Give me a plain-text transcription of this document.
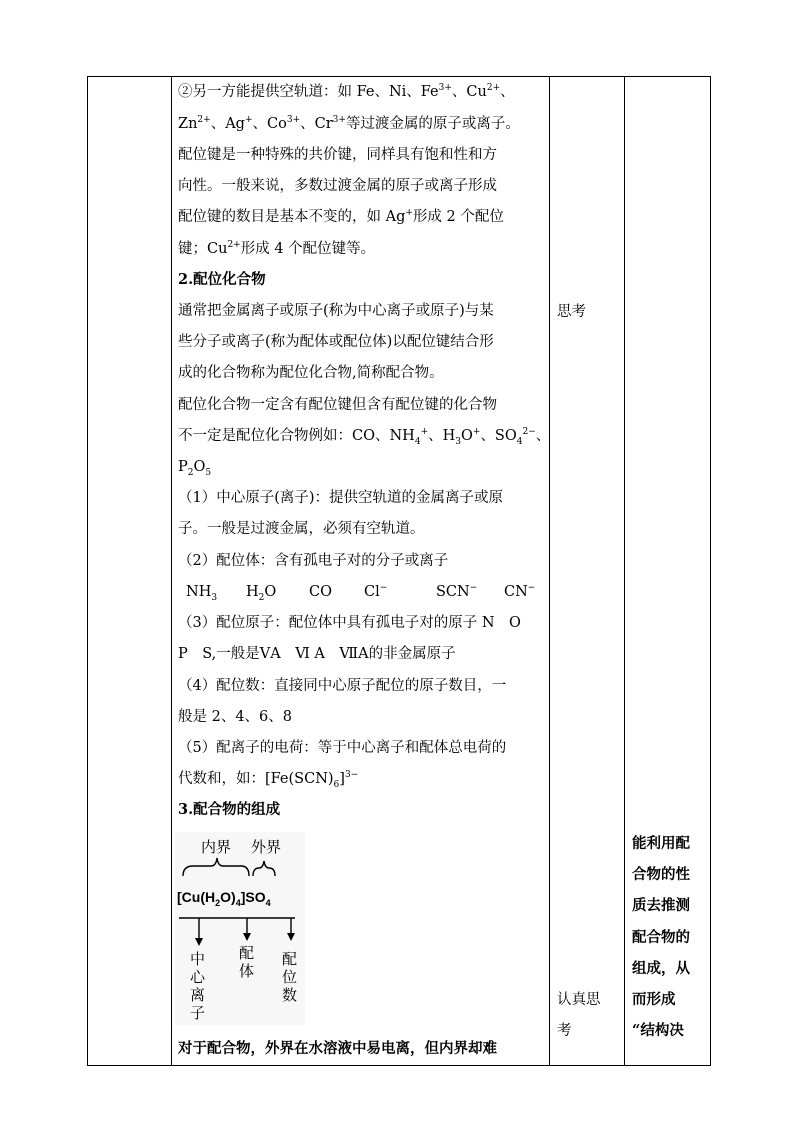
②另一方能提供空轨道：如 Fe、Ni、$Fe^{3+}$、$Cu^{2+}$、
$Zn^{2+}$、Ag+、$Co^{3+}$、$Cr^{3+}$等过渡金属的原子或离子。
配位键是一种特殊的共价键，同样具有饱和性和方
向性。一般来说，多数过渡金属的原子或离子形成
配位键的数目是基本不变的，如 Ag+形成 2 个配位
键；$Cu^{2+}$形成 4 个配位键等。
2.配位化合物
通常把金属离子或原子(称为中心离子或原子)与某
些分子或离子(称为配体或配位体)以配位键结合形
成的化合物称为配位化合物,简称配合物。
配位化合物一定含有配位键但含有配位键的化合物
不一定是配位化合物例如：CO、$NH_4^+$、$H_3O^+$、$SO_4^{2-}$、
$P_2O_5$
（1）中心原子(离子)：提供空轨道的金属离子或原
子。一般是过渡金属，必须有空轨道。
（2）配位体：含有孤电子对的分子或离子
$NH_3$ $H_2O$ CO Cl−	SCN− CN−
（3）配位原子：配位体中具有孤电子对的原子 N　O
P　S,一般是ⅤA　Ⅵ A　ⅦA的非金属原子
（4）配位数：直接同中心原子配位的原子数目，一
般是 2、4、6、8
（5）配离子的电荷：等于中心离子和配体总电荷的
代数和，如：$[Fe(SCN)_6]^{3-}$
3.配合物的组成
内界 外界
$[Cu(H_2O)_4]SO_4$
中
心
离
子
配
体
配
位
数
对于配合物，外界在水溶液中易电离，但内界却难
思考
认真思
考
能利用配
合物的性
质去推测
配合物的
组成，从
而形成
“结构决
